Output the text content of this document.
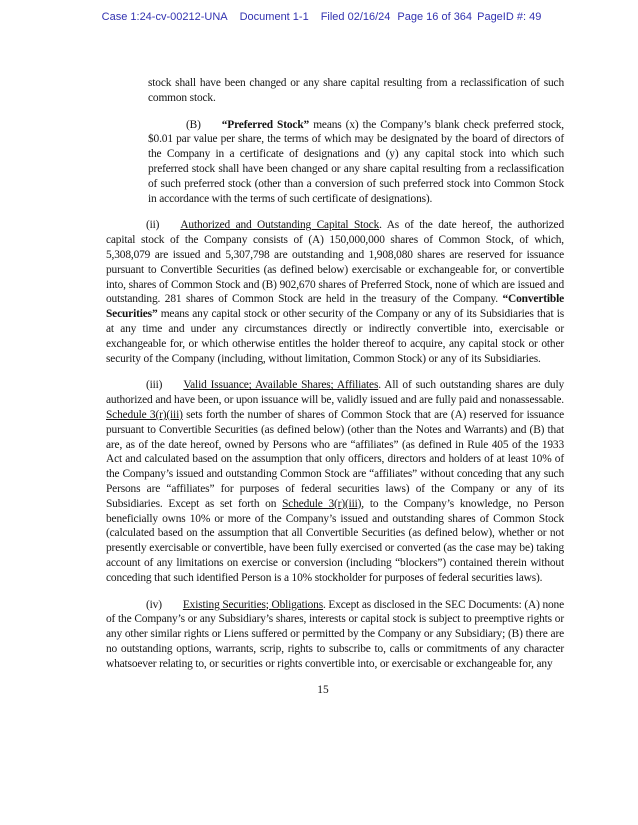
Case 1:24-cv-00212-UNA Document 1-1 Filed 02/16/24 Page 16 of 364 PageID #: 49

stock shall have been changed or any share capital resulting from a reclassification of such common stock.

(B) “Preferred Stock” means (x) the Company’s blank check preferred stock, $0.01 par value per share, the terms of which may be designated by the board of directors of the Company in a certificate of designations and (y) any capital stock into which such preferred stock shall have been changed or any share capital resulting from a reclassification of such preferred stock (other than a conversion of such preferred stock into Common Stock in accordance with the terms of such certificate of designations).

(ii) Authorized and Outstanding Capital Stock. As of the date hereof, the authorized capital stock of the Company consists of (A) 150,000,000 shares of Common Stock, of which, 5,308,079 are issued and 5,307,798 are outstanding and 1,908,080 shares are reserved for issuance pursuant to Convertible Securities (as defined below) exercisable or exchangeable for, or convertible into, shares of Common Stock and (B) 902,670 shares of Preferred Stock, none of which are issued and outstanding. 281 shares of Common Stock are held in the treasury of the Company. “Convertible Securities” means any capital stock or other security of the Company or any of its Subsidiaries that is at any time and under any circumstances directly or indirectly convertible into, exercisable or exchangeable for, or which otherwise entitles the holder thereof to acquire, any capital stock or other security of the Company (including, without limitation, Common Stock) or any of its Subsidiaries.

(iii) Valid Issuance; Available Shares; Affiliates. All of such outstanding shares are duly authorized and have been, or upon issuance will be, validly issued and are fully paid and nonassessable. Schedule 3(r)(iii) sets forth the number of shares of Common Stock that are (A) reserved for issuance pursuant to Convertible Securities (as defined below) (other than the Notes and Warrants) and (B) that are, as of the date hereof, owned by Persons who are “affiliates” (as defined in Rule 405 of the 1933 Act and calculated based on the assumption that only officers, directors and holders of at least 10% of the Company’s issued and outstanding Common Stock are “affiliates” without conceding that any such Persons are “affiliates” for purposes of federal securities laws) of the Company or any of its Subsidiaries. Except as set forth on Schedule 3(r)(iii), to the Company’s knowledge, no Person beneficially owns 10% or more of the Company’s issued and outstanding shares of Common Stock (calculated based on the assumption that all Convertible Securities (as defined below), whether or not presently exercisable or convertible, have been fully exercised or converted (as the case may be) taking account of any limitations on exercise or conversion (including “blockers”) contained therein without conceding that such identified Person is a 10% stockholder for purposes of federal securities laws).

(iv) Existing Securities; Obligations. Except as disclosed in the SEC Documents: (A) none of the Company’s or any Subsidiary’s shares, interests or capital stock is subject to preemptive rights or any other similar rights or Liens suffered or permitted by the Company or any Subsidiary; (B) there are no outstanding options, warrants, scrip, rights to subscribe to, calls or commitments of any character whatsoever relating to, or securities or rights convertible into, or exercisable or exchangeable for, any

15
